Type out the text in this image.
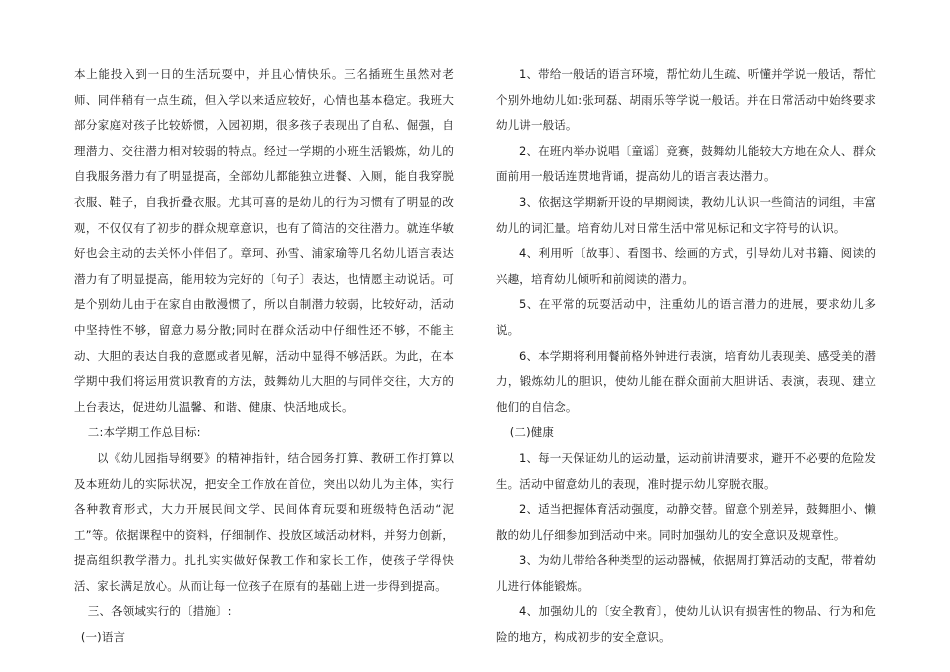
本上能投入到一日的生活玩耍中，并且心情快乐。三名插班生虽然对老师、同伴稍有一点生疏，但入学以来适应较好，心情也基本稳定。我班大部分家庭对孩子比较娇惯，入园初期，很多孩子表现出了自私、倔强，自理潜力、交往潜力相对较弱的特点。经过一学期的小班生活锻炼，幼儿的自我服务潜力有了明显提高，全部幼儿都能独立进餐、入厕，能自我穿脱衣服、鞋子，自我折叠衣服。尤其可喜的是幼儿的行为习惯有了明显的改观，不仅仅有了初步的群众规章意识，也有了简洁的交往潜力。就连华敏好也会主动的去关怀小伴侣了。章珂、孙雪、浦家瑜等几名幼儿语言表达潜力有了明显提高，能用较为完好的〔句子〕表达，也情愿主动说话。可是个别幼儿由于在家自由散漫惯了，所以自制潜力较弱，比较好动，活动中坚持性不够，留意力易分散;同时在群众活动中仔细性还不够，不能主动、大胆的表达自我的意愿或者见解，活动中显得不够活跃。为此，在本学期中我们将运用赏识教育的方法，鼓舞幼儿大胆的与同伴交往，大方的上台表达，促进幼儿温馨、和谐、健康、快活地成长。

二:本学期工作总目标:

以《幼儿园指导纲要》的精神指针，结合园务打算、教研工作打算以及本班幼儿的实际状况，把安全工作放在首位，突出以幼儿为主体，实行各种教育形式，大力开展民间文学、民间体育玩耍和班级特色活动“泥工”等。依据课程中的资料，仔细制作、投放区域活动材料，并努力创新，提高组织教学潜力。扎扎实实做好保教工作和家长工作，使孩子学得快活、家长满足放心。从而让每一位孩子在原有的基础上进一步得到提高。

三、各领域实行的〔措施〕:

(一)语言

1、带给一般话的语言环境，帮忙幼儿生疏、听懂并学说一般话，帮忙个别外地幼儿如:张珂磊、胡雨乐等学说一般话。并在日常活动中始终要求幼儿讲一般话。

2、在班内举办说唱〔童谣〕竞赛，鼓舞幼儿能较大方地在众人、群众面前用一般话连贯地背诵，提高幼儿的语言表达潜力。

3、依据这学期新开设的早期阅读，教幼儿认识一些简洁的词组，丰富幼儿的词汇量。培育幼儿对日常生活中常见标记和文字符号的认识。

4、利用听〔故事〕、看图书、绘画的方式，引导幼儿对书籍、阅读的兴趣，培育幼儿倾听和前阅读的潜力。

5、在平常的玩耍活动中，注重幼儿的语言潜力的进展，要求幼儿多说。

6、本学期将利用餐前格外钟进行表演，培育幼儿表现美、感受美的潜力，锻炼幼儿的胆识，使幼儿能在群众面前大胆讲话、表演，表现、建立他们的自信念。

(二)健康

1、每一天保证幼儿的运动量，运动前讲清要求，避开不必要的危险发生。活动中留意幼儿的表现，准时提示幼儿穿脱衣服。

2、适当把握体育活动强度，动静交替。留意个别差异，鼓舞胆小、懒散的幼儿仔细参加到活动中来。同时加强幼儿的安全意识及规章性。

3、为幼儿带给各种类型的运动器械，依据周打算活动的支配，带着幼儿进行体能锻炼。

4、加强幼儿的〔安全教育〕，使幼儿认识有损害性的物品、行为和危险的地方，构成初步的安全意识。
